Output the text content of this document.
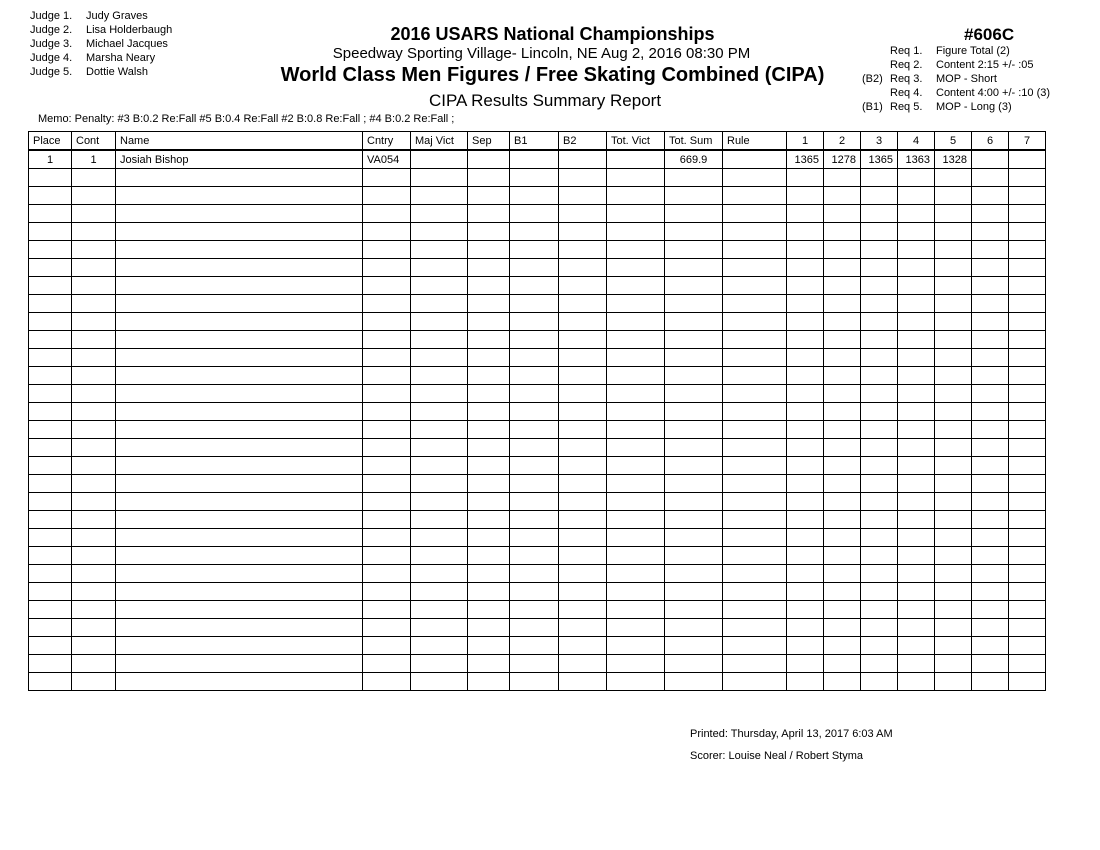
Judge 1. Judy Graves
Judge 2. Lisa Holderbaugh
Judge 3. Michael Jacques
Judge 4. Marsha Neary
Judge 5. Dottie Walsh
2016 USARS National Championships
Speedway Sporting Village- Lincoln, NE Aug 2, 2016 08:30 PM
World Class Men Figures / Free Skating Combined (CIPA)
CIPA Results Summary Report
#606C
Req 1. Figure Total (2)
Req 2. Content 2:15 +/- :05
(B2) Req 3. MOP - Short
Req 4. Content 4:00 +/- :10 (3)
(B1) Req 5. MOP - Long (3)
Memo: Penalty: #3 B:0.2 Re:Fall #5 B:0.4 Re:Fall #2 B:0.8 Re:Fall ; #4 B:0.2 Re:Fall ;
Place	Cont	Name	Cntry	Maj Vict	Sep	B1	B2	Tot. Vict	Tot. Sum	Rule	1	2	3	4	5	6	7
1	1	Josiah Bishop	VA054						669.9		1365	1278	1365	1363	1328		

Printed: Thursday, April 13, 2017 6:03 AM
Scorer: Louise Neal / Robert Styma
